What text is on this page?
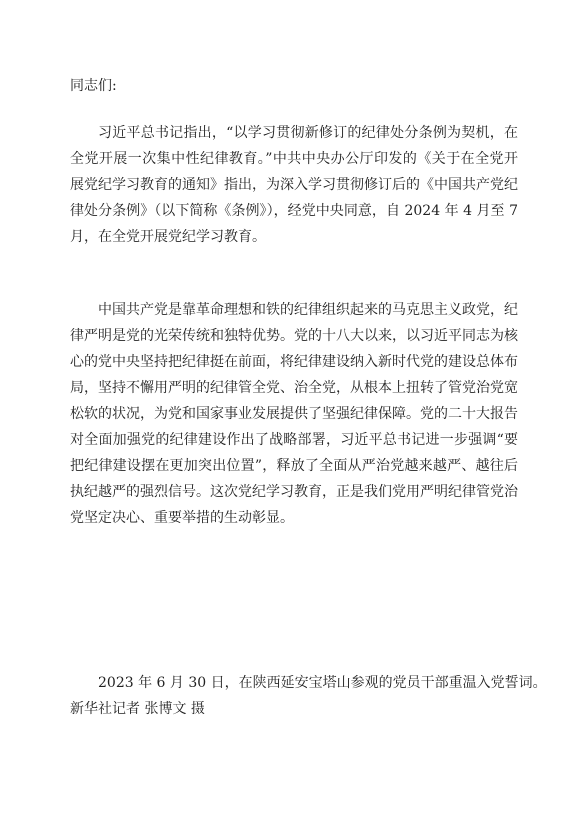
同志们:

习近平总书记指出，“以学习贯彻新修订的纪律处分条例为契机，在全党开展一次集中性纪律教育。”中共中央办公厅印发的《关于在全党开展党纪学习教育的通知》指出，为深入学习贯彻修订后的《中国共产党纪律处分条例》（以下简称《条例》），经党中央同意，自 2024 年 4 月至 7 月，在全党开展党纪学习教育。

中国共产党是靠革命理想和铁的纪律组织起来的马克思主义政党，纪律严明是党的光荣传统和独特优势。党的十八大以来，以习近平同志为核心的党中央坚持把纪律挺在前面，将纪律建设纳入新时代党的建设总体布局，坚持不懈用严明的纪律管全党、治全党，从根本上扭转了管党治党宽松软的状况，为党和国家事业发展提供了坚强纪律保障。党的二十大报告对全面加强党的纪律建设作出了战略部署，习近平总书记进一步强调“要把纪律建设摆在更加突出位置”，释放了全面从严治党越来越严、越往后执纪越严的强烈信号。这次党纪学习教育，正是我们党用严明纪律管党治党坚定决心、重要举措的生动彰显。

2023 年 6 月 30 日，在陕西延安宝塔山参观的党员干部重温入党誓词。
新华社记者 张博文 摄
